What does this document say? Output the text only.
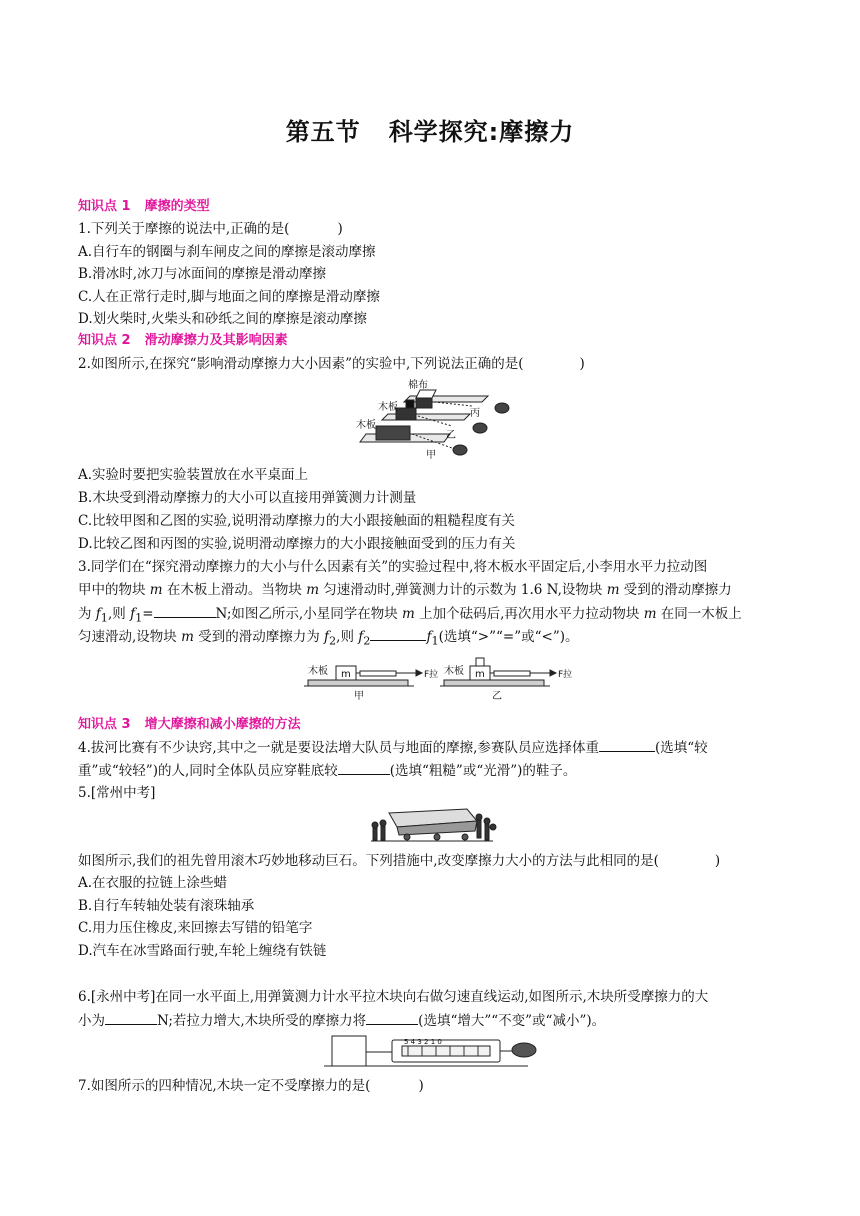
第五节 科学探究:摩擦力
知识点 1 摩擦的类型
1.下列关于摩擦的说法中,正确的是(	)
A.自行车的钢圈与刹车闸皮之间的摩擦是滚动摩擦
B.滑冰时,冰刀与冰面间的摩擦是滑动摩擦
C.人在正常行走时,脚与地面之间的摩擦是滑动摩擦
D.划火柴时,火柴头和砂纸之间的摩擦是滚动摩擦
知识点 2 滑动摩擦力及其影响因素
2.如图所示,在探究“影响滑动摩擦力大小因素”的实验中,下列说法正确的是(	)
棉布
木板
木板
丙
乙
甲
A.实验时要把实验装置放在水平桌面上
B.木块受到滑动摩擦力的大小可以直接用弹簧测力计测量
C.比较甲图和乙图的实验,说明滑动摩擦力的大小跟接触面的粗糙程度有关
D.比较乙图和丙图的实验,说明滑动摩擦力的大小跟接触面受到的压力有关
3.同学们在“探究滑动摩擦力的大小与什么因素有关”的实验过程中,将木板水平固定后,小李用水平力拉动图
甲中的物块 m 在木板上滑动。当物块 m 匀速滑动时,弹簧测力计的示数为 1.6 N,设物块 m 受到的滑动摩擦力
为 $f_1$,则 $f_1=$	N;如图乙所示,小星同学在物块 m 上加个砝码后,再次用水平力拉动物块 m 在同一木板上
匀速滑动,设物块 m 受到的滑动摩擦力为 $f_2$,则 $f_2$	$f_1$(选填“>”“=”或“<”)。
木板 m	F拉
甲
木板 m	F拉
乙
知识点 3 增大摩擦和减小摩擦的方法
4.拔河比赛有不少诀窍,其中之一就是要设法增大队员与地面的摩擦,参赛队员应选择体重	(选填“较
重”或“较轻”)的人,同时全体队员应穿鞋底较	(选填“粗糙”或“光滑”)的鞋子。
5.[常州中考]
如图所示,我们的祖先曾用滚木巧妙地移动巨石。下列措施中,改变摩擦力大小的方法与此相同的是(	)
A.在衣服的拉链上涂些蜡
B.自行车转轴处装有滚珠轴承
C.用力压住橡皮,来回擦去写错的铅笔字
D.汽车在冰雪路面行驶,车轮上缠绕有铁链
6.[永州中考]在同一水平面上,用弹簧测力计水平拉木块向右做匀速直线运动,如图所示,木块所受摩擦力的大
小为	N;若拉力增大,木块所受的摩擦力将	(选填“增大”“不变”或“减小”)。
5 4 3 2 1 0
7.如图所示的四种情况,木块一定不受摩擦力的是(	)
